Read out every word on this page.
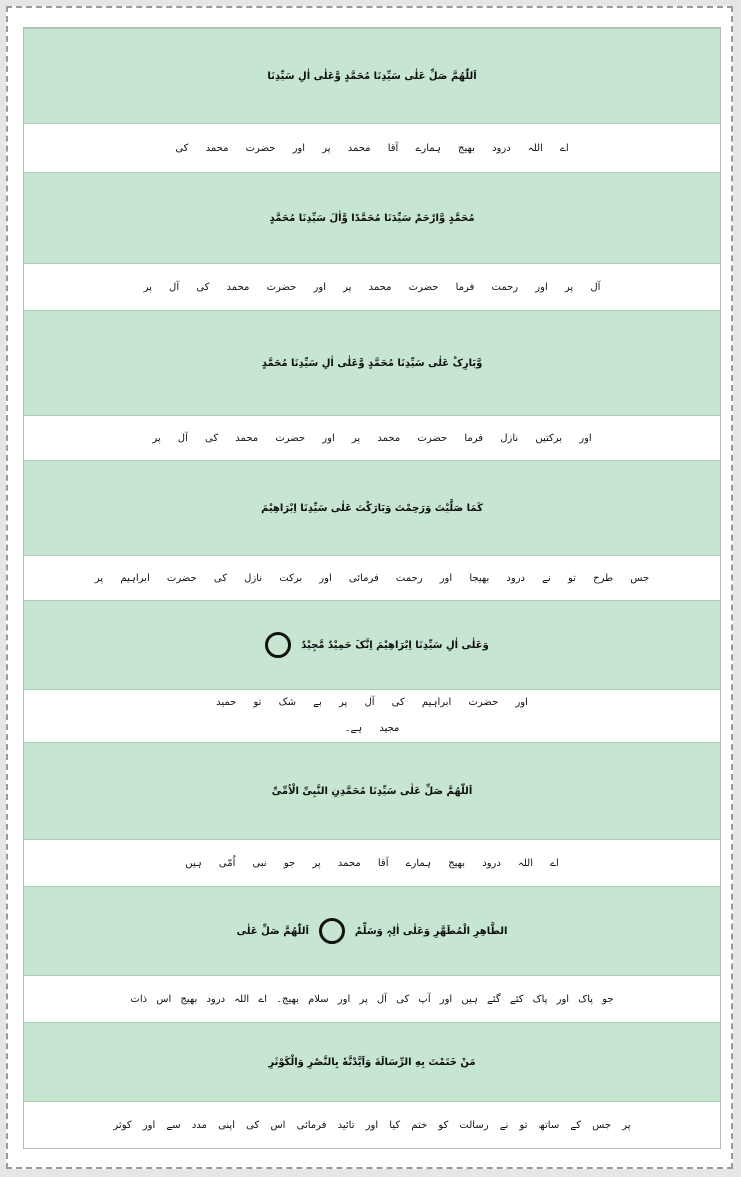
اَللّٰھُمَّ صَلِّ عَلٰی سَیِّدِنَا مُحَمَّدٍ وَّعَلٰی اٰلِ سَیِّدِنَا
اے اللہ درود بھیج ہمارے آقا محمد پر اور حضرت محمد کی
مُحَمَّدٍ وَّارْحَمْ سَیِّدَنَا مُحَمَّدًا وَّاٰلَ سَیِّدِنَا مُحَمَّدٍ
آل پر اور رحمت فرما حضرت محمد پر اور حضرت محمد کی آل پر
وَّبَارِکْ عَلٰی سَیِّدِنَا مُحَمَّدٍ وَّعَلٰی اٰلِ سَیِّدِنَا مُحَمَّدٍ
اور برکتیں نازل فرما حضرت محمد پر اور حضرت محمد کی آل پر
کَمَا صَلَّیْتَ وَرَحِمْتَ وَبَارَکْتَ عَلٰی سَیِّدِنَا اِبْرَاھِیْمَ
جس طرح تو نے درود بھیجا اور رحمت فرمائی اور برکت نازل کی حضرت ابراہیم پر
وَعَلٰی اٰلِ سَیِّدِنَا اِبْرَاھِیْمَ اِنَّکَ حَمِیْدٌ مَّجِیْدٌ
اور حضرت ابراہیم کی آل پر بے شک تو حمید
مجید ہے۔
اَللّٰھُمَّ صَلِّ عَلٰی سَیِّدِنَا مُحَمَّدِنِ النَّبِیِّ الْاُمِّیِّ
اے اللہ درود بھیج ہمارے آقا محمد پر جو نبی اُمّی ہیں
الطَّاھِرِ الْمُطَھَّرِ وَعَلٰی اٰلِہٖ وَسَلِّمْ
اَللّٰھُمَّ صَلِّ عَلٰی
جو پاک اور پاک کئے گئے ہیں اور آپ کی آل پر اور سلام بھیج۔ اے اللہ درود بھیج اس ذات
مَنْ خَتَمْتَ بِهِ الرِّسَالَةَ وَاَیَّدْتَّهٗ بِالنَّصْرِ وَالْکَوْثَرِ
پر جس کے ساتھ تو نے رسالت کو ختم کیا اور تائید فرمائی اس کی اپنی مدد سے اور کوثر
